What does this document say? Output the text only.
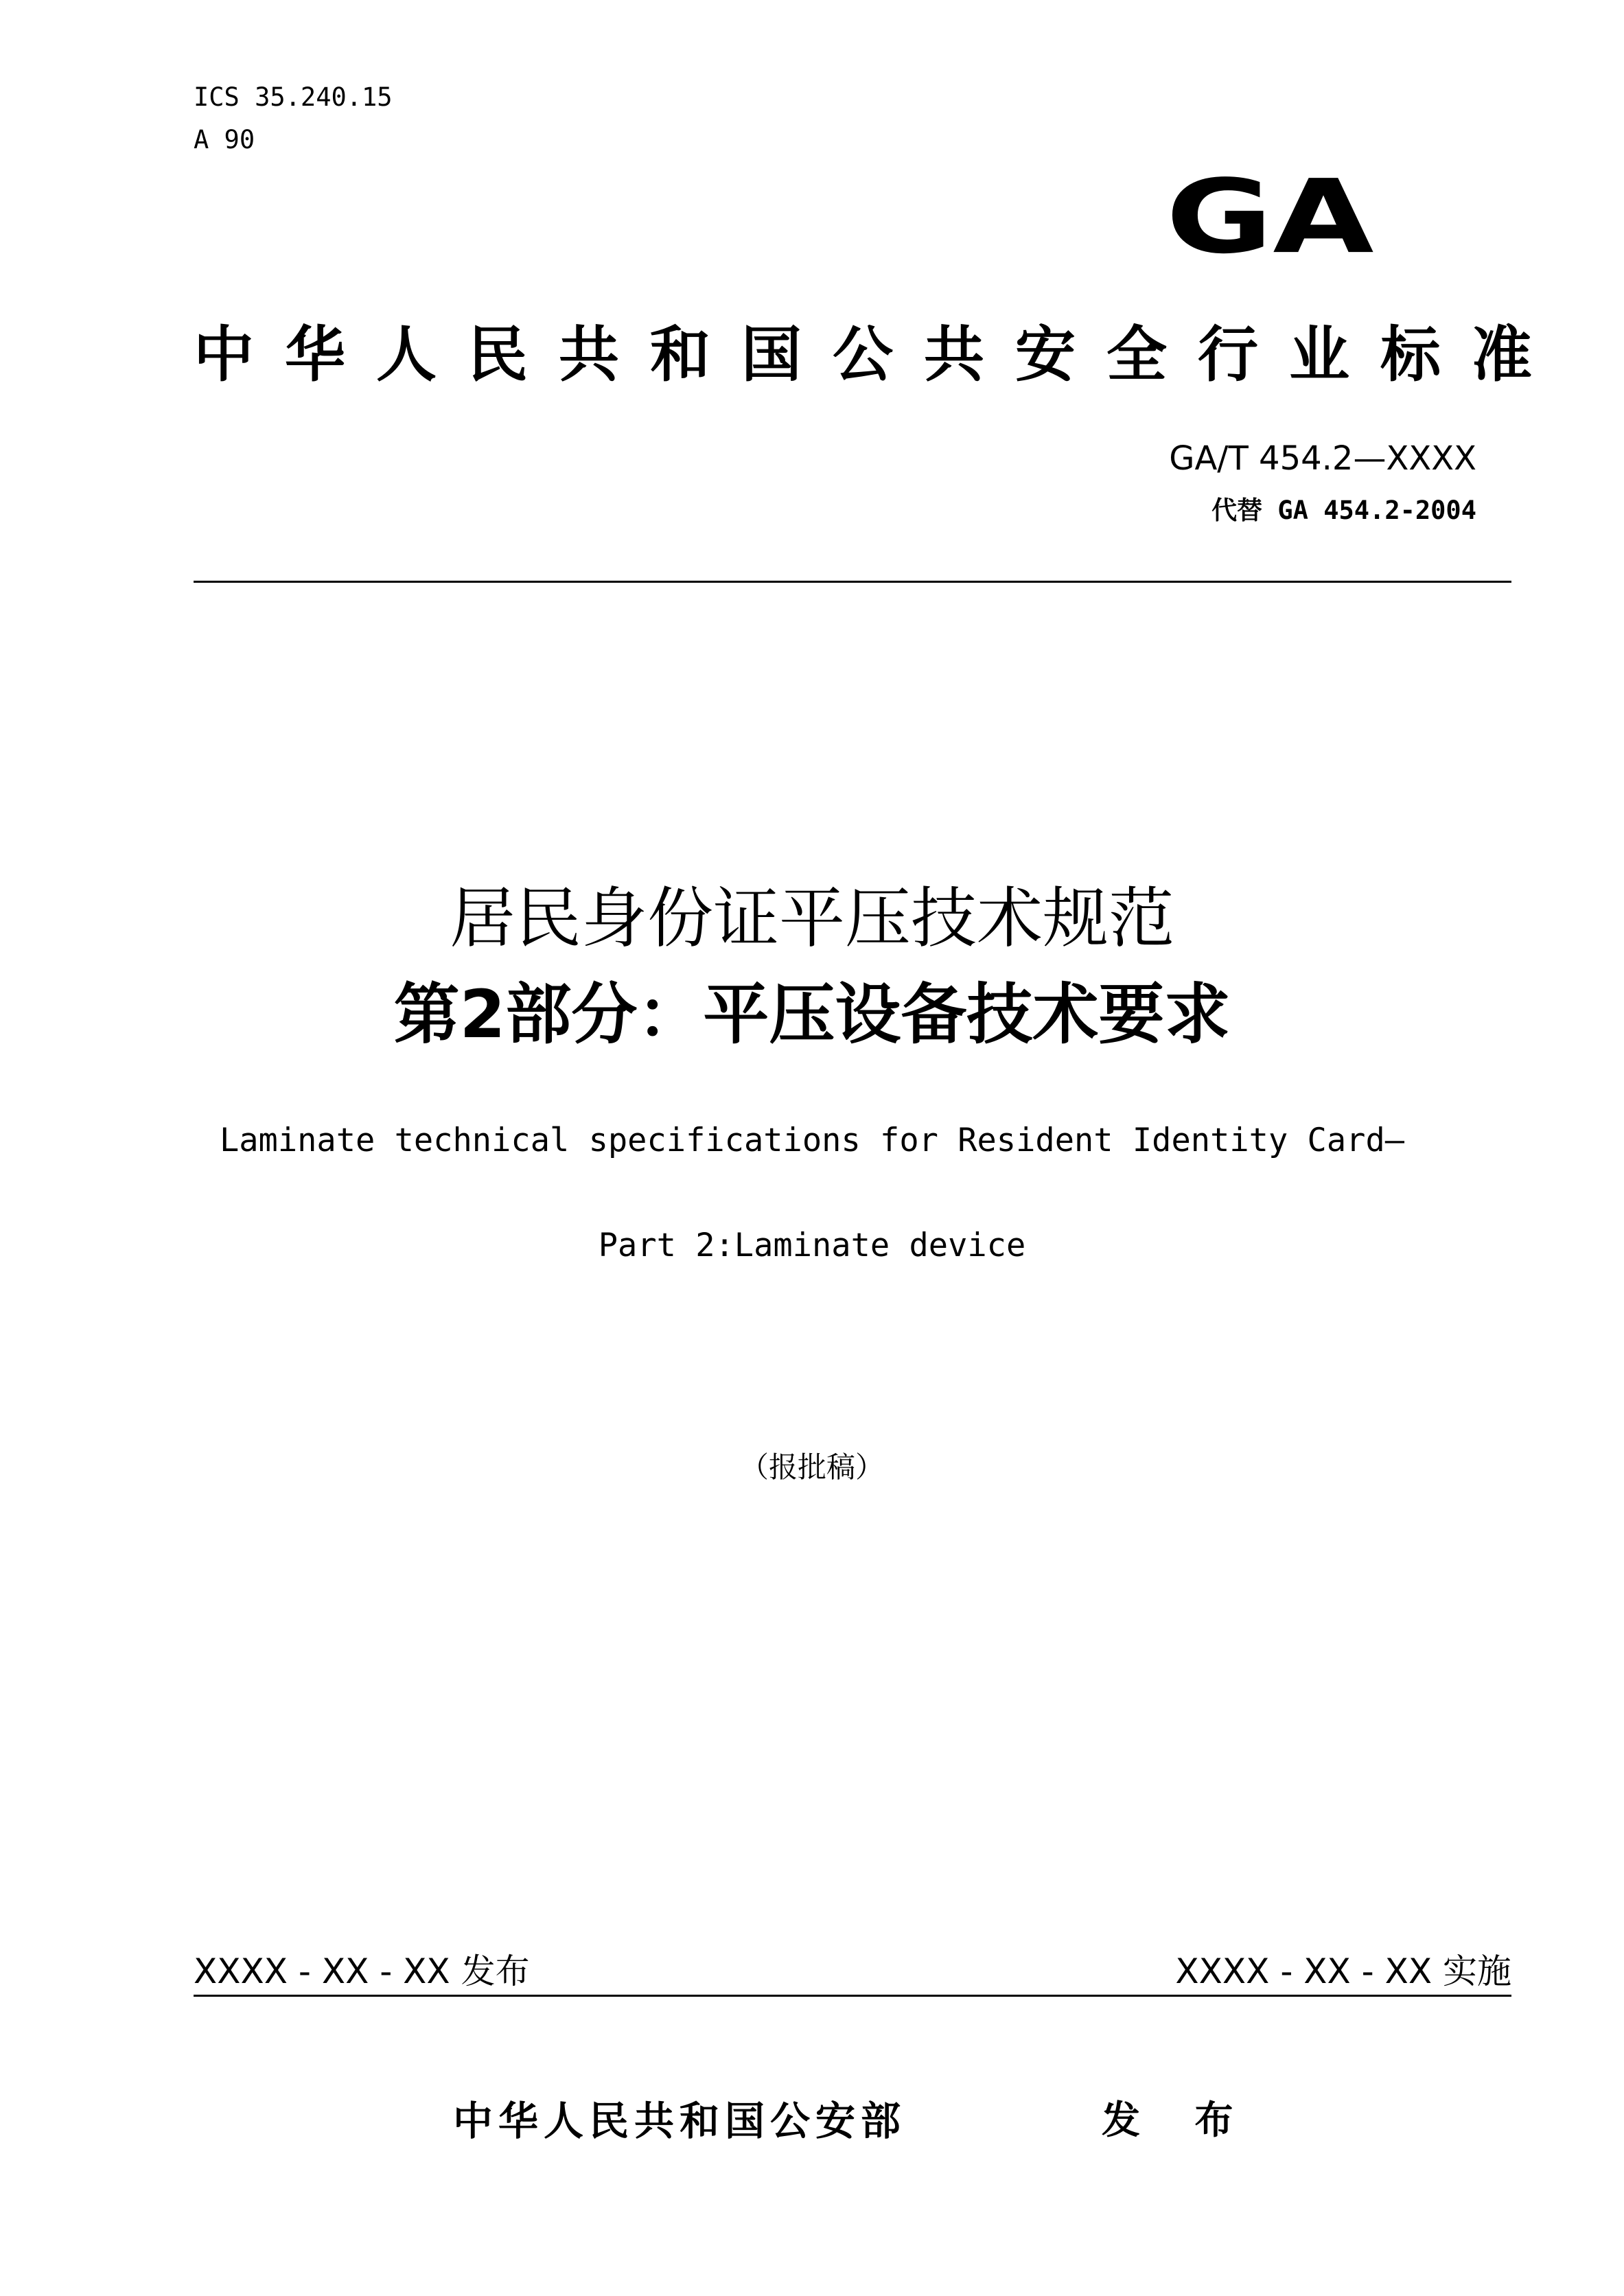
ICS 35.240.15
A 90
GA
中华人民共和国公共安全行业标准
GA/T 454.2—XXXX
代替 GA 454.2-2004
居民身份证平压技术规范
第2部分：平压设备技术要求
Laminate technical specifications for Resident Identity Card—
Part 2:Laminate device
（报批稿）
XXXX - XX - XX 发布	XXXX - XX - XX 实施
中华人民共和国公安部	发 布
